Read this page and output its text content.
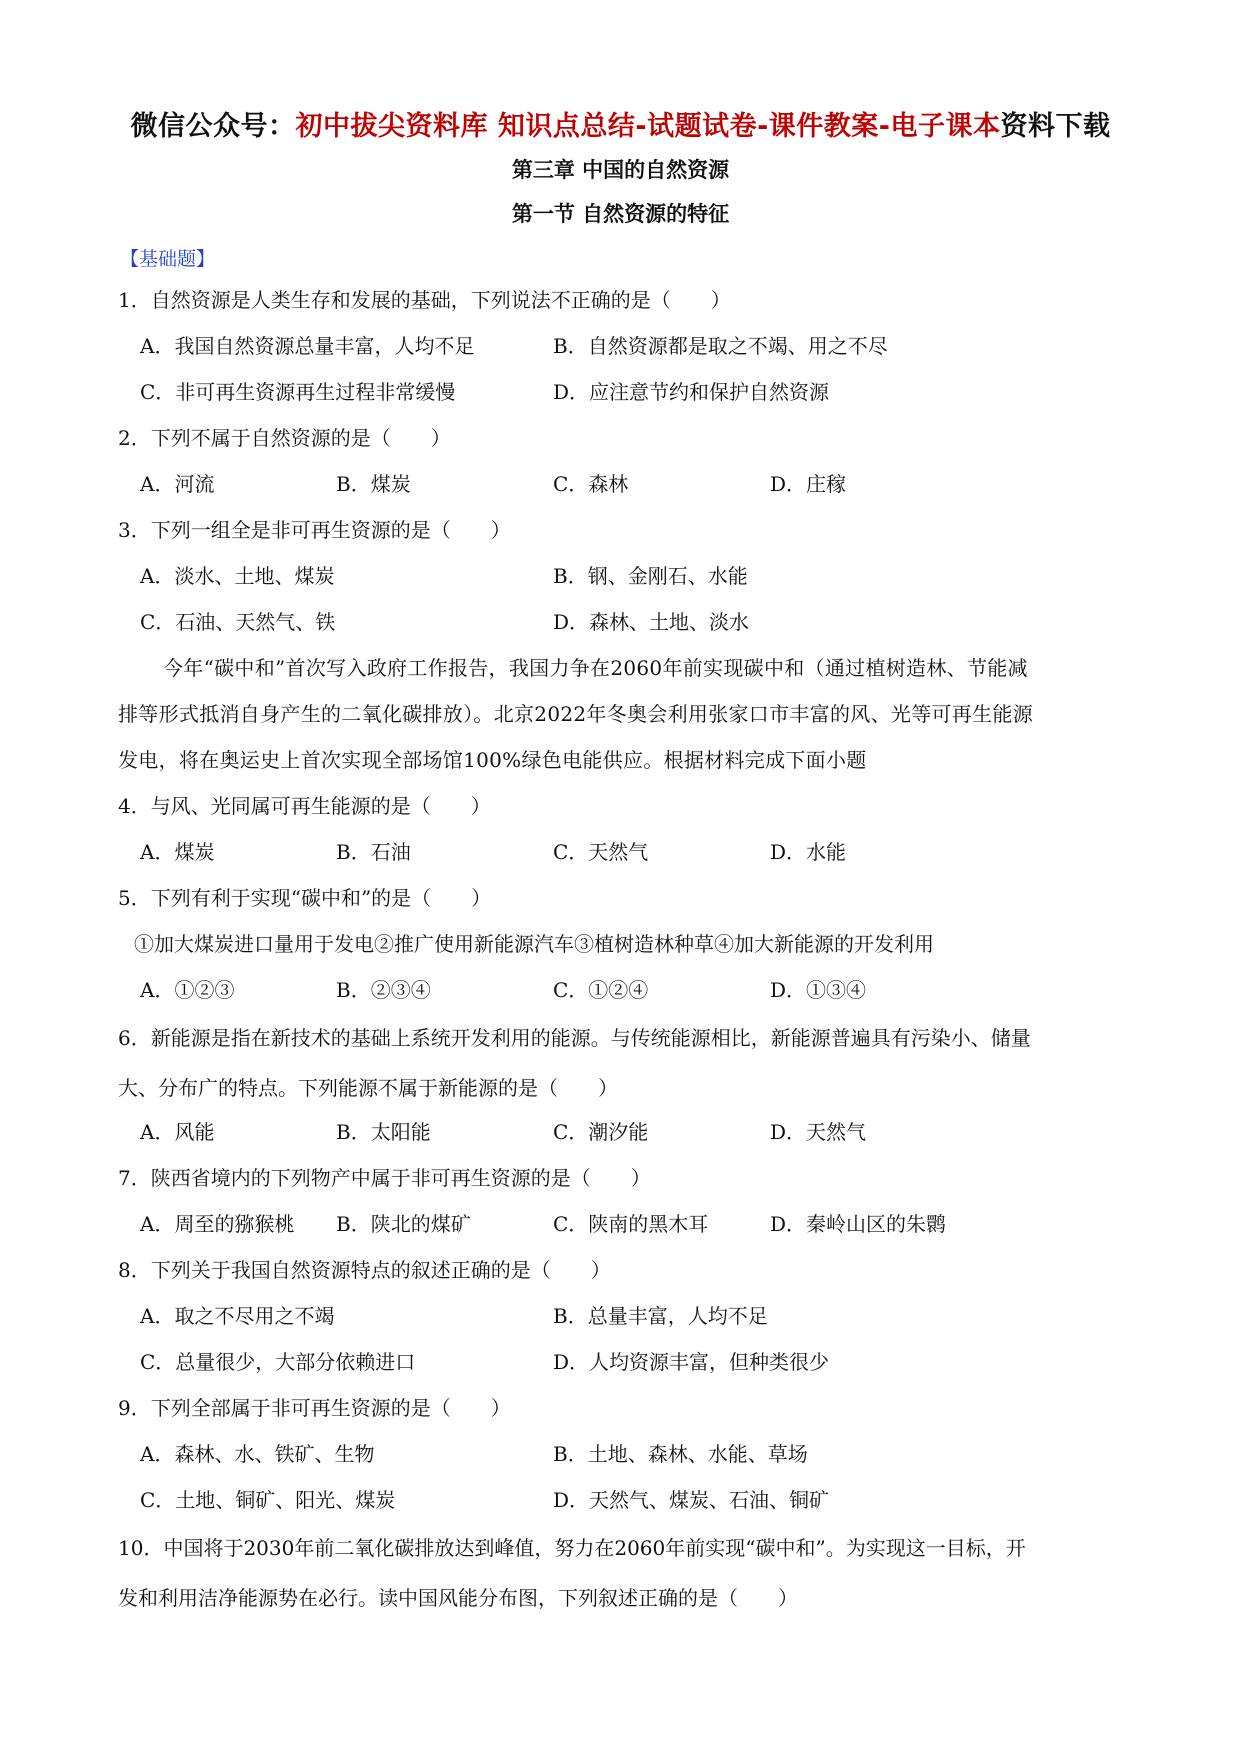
微信公众号：初中拔尖资料库 知识点总结-试题试卷-课件教案-电子课本资料下载
第三章 中国的自然资源
第一节 自然资源的特征
【基础题】
1．自然资源是人类生存和发展的基础，下列说法不正确的是（　　）
A．我国自然资源总量丰富，人均不足	B．自然资源都是取之不竭、用之不尽
C．非可再生资源再生过程非常缓慢	D．应注意节约和保护自然资源
2．下列不属于自然资源的是（　　）
A．河流	B．煤炭	C．森林	D．庄稼
3．下列一组全是非可再生资源的是（　　）
A．淡水、土地、煤炭	B．钢、金刚石、水能
C．石油、天然气、铁	D．森林、土地、淡水
今年“碳中和”首次写入政府工作报告，我国力争在2060年前实现碳中和（通过植树造林、节能减
排等形式抵消自身产生的二氧化碳排放）。北京2022年冬奥会利用张家口市丰富的风、光等可再生能源
发电，将在奥运史上首次实现全部场馆100%绿色电能供应。根据材料完成下面小题
4．与风、光同属可再生能源的是（　　）
A．煤炭	B．石油	C．天然气	D．水能
5．下列有利于实现“碳中和”的是（　　）
①加大煤炭进口量用于发电②推广使用新能源汽车③植树造林种草④加大新能源的开发利用
A．①②③	B．②③④	C．①②④	D．①③④
6．新能源是指在新技术的基础上系统开发利用的能源。与传统能源相比，新能源普遍具有污染小、储量
大、分布广的特点。下列能源不属于新能源的是（　　）
A．风能	B．太阳能	C．潮汐能	D．天然气
7．陕西省境内的下列物产中属于非可再生资源的是（　　）
A．周至的猕猴桃 B．陕北的煤矿	C．陕南的黑木耳	D．秦岭山区的朱鹮
8．下列关于我国自然资源特点的叙述正确的是（　　）
A．取之不尽用之不竭	B．总量丰富，人均不足
C．总量很少，大部分依赖进口	D．人均资源丰富，但种类很少
9．下列全部属于非可再生资源的是（　　）
A．森林、水、铁矿、生物	B．土地、森林、水能、草场
C．土地、铜矿、阳光、煤炭	D．天然气、煤炭、石油、铜矿
10．中国将于2030年前二氧化碳排放达到峰值，努力在2060年前实现“碳中和”。为实现这一目标，开
发和利用洁净能源势在必行。读中国风能分布图，下列叙述正确的是（　　）
